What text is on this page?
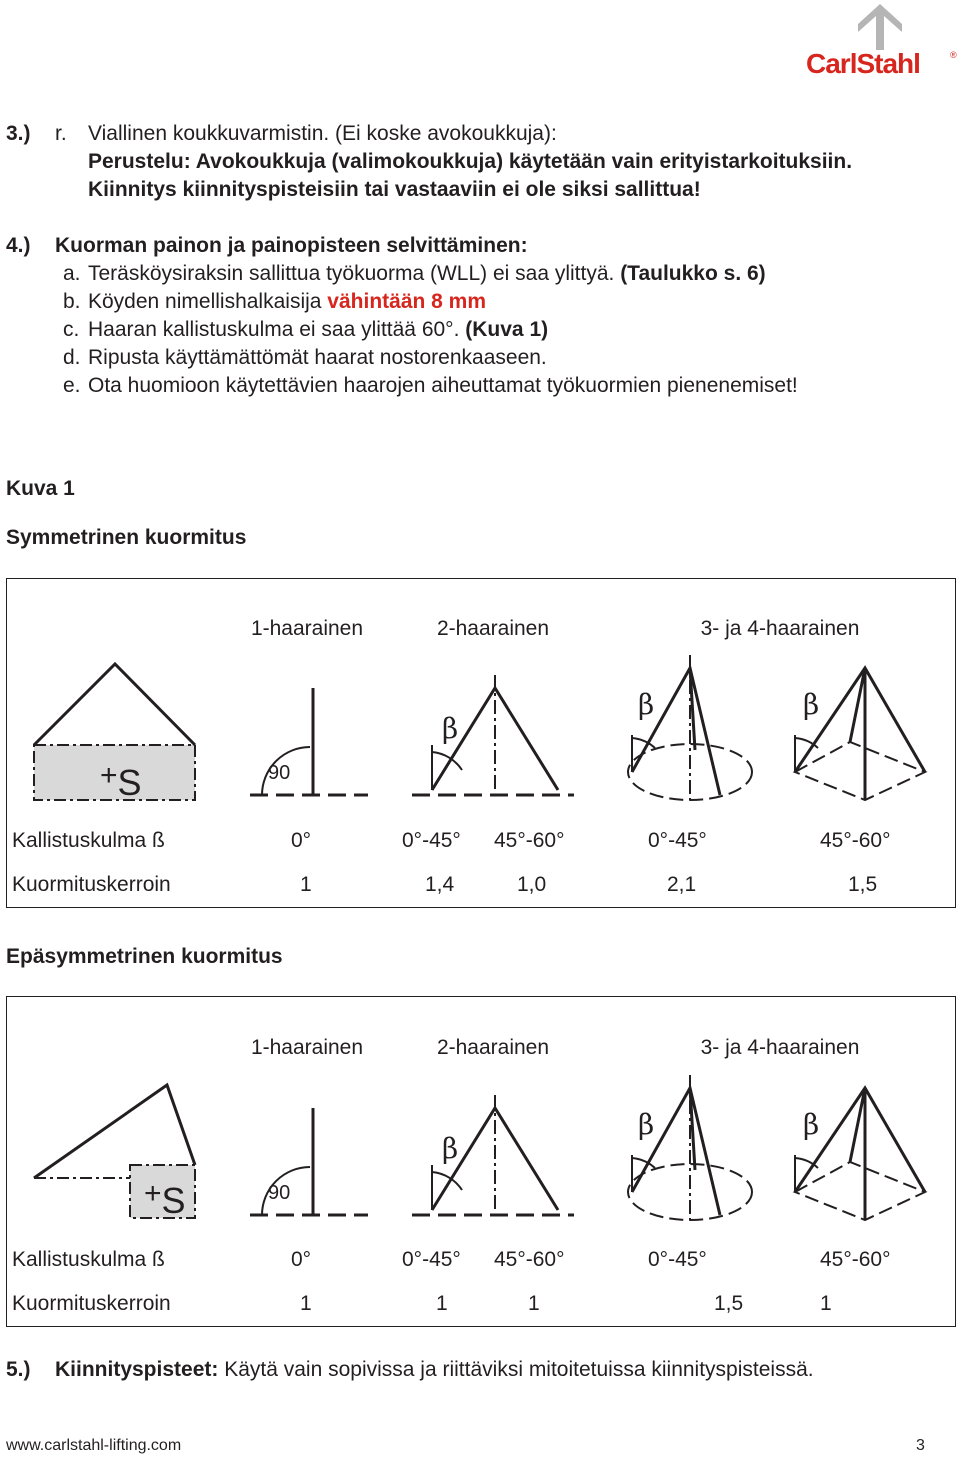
CarlStahl	®
3.) r. Viallinen koukkuvarmistin. (Ei koske avokoukkuja):
Perustelu: Avokoukkuja (valimokoukkuja) käytetään vain erityistarkoituksiin.
Kiinnitys kiinnityspisteisiin tai vastaaviin ei ole siksi sallittua!
4.) Kuorman painon ja painopisteen selvittäminen:
a. Teräsköysiraksin sallittua työkuorma (WLL) ei saa ylittyä. (Taulukko s. 6)
b. Köyden nimellishalkaisija vähintään 8 mm
c. Haaran kallistuskulma ei saa ylittää 60°. (Kuva 1)
d. Ripusta käyttämättömät haarat nostorenkaaseen.
e. Ota huomioon käytettävien haarojen aiheuttamat työkuormien pienenemiset!
Kuva 1
Symmetrinen kuormitus
1-haarainen	2-haarainen	3- ja 4-haarainen
+S	90
β
β	β
Kallistuskulma ß	0°	0°-45° 45°-60°	0°-45°	45°-60°
Kuormituskerroin	1	1,4	1,0	2,1	1,5
Epäsymmetrinen kuormitus
1-haarainen	2-haarainen	3- ja 4-haarainen
+S	90
β
β	β
Kallistuskulma ß	0°	0°-45° 45°-60°	0°-45°	45°-60°
Kuormituskerroin	1	1	1	1,5	1
5.) Kiinnityspisteet: Käytä vain sopivissa ja riittäviksi mitoitetuissa kiinnityspisteissä.
www.carlstahl-lifting.com	3
